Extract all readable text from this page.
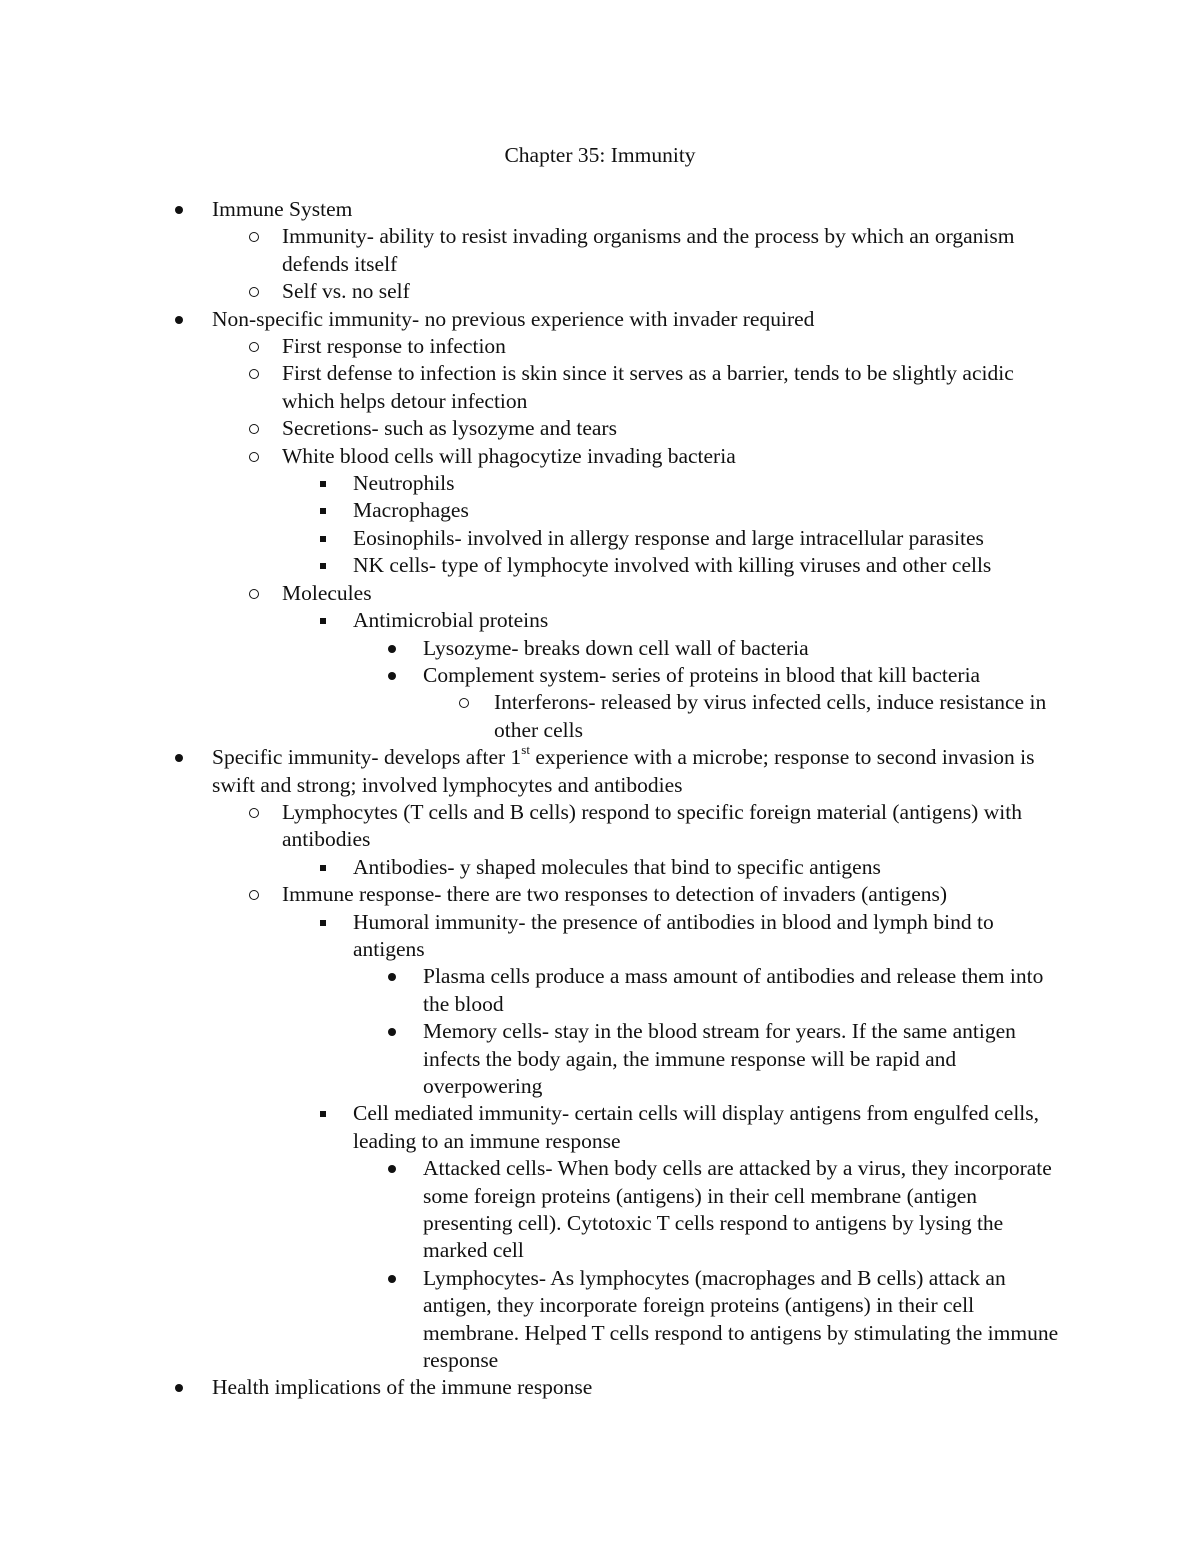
Chapter 35: Immunity
Immune System
Immunity- ability to resist invading organisms and the process by which an organism defends itself
Self vs. no self
Non-specific immunity- no previous experience with invader required
First response to infection
First defense to infection is skin since it serves as a barrier, tends to be slightly acidic which helps detour infection
Secretions- such as lysozyme and tears
White blood cells will phagocytize invading bacteria
Neutrophils
Macrophages
Eosinophils- involved in allergy response and large intracellular parasites
NK cells- type of lymphocyte involved with killing viruses and other cells
Molecules
Antimicrobial proteins
Lysozyme- breaks down cell wall of bacteria
Complement system- series of proteins in blood that kill bacteria
Interferons- released by virus infected cells, induce resistance in other cells
Specific immunity- develops after 1st experience with a microbe; response to second invasion is swift and strong; involved lymphocytes and antibodies
Lymphocytes (T cells and B cells) respond to specific foreign material (antigens) with antibodies
Antibodies- y shaped molecules that bind to specific antigens
Immune response- there are two responses to detection of invaders (antigens)
Humoral immunity- the presence of antibodies in blood and lymph bind to antigens
Plasma cells produce a mass amount of antibodies and release them into the blood
Memory cells- stay in the blood stream for years. If the same antigen infects the body again, the immune response will be rapid and overpowering
Cell mediated immunity- certain cells will display antigens from engulfed cells, leading to an immune response
Attacked cells- When body cells are attacked by a virus, they incorporate some foreign proteins (antigens) in their cell membrane (antigen presenting cell). Cytotoxic T cells respond to antigens by lysing the marked cell
Lymphocytes- As lymphocytes (macrophages and B cells) attack an antigen, they incorporate foreign proteins (antigens) in their cell membrane. Helped T cells respond to antigens by stimulating the immune response
Health implications of the immune response
